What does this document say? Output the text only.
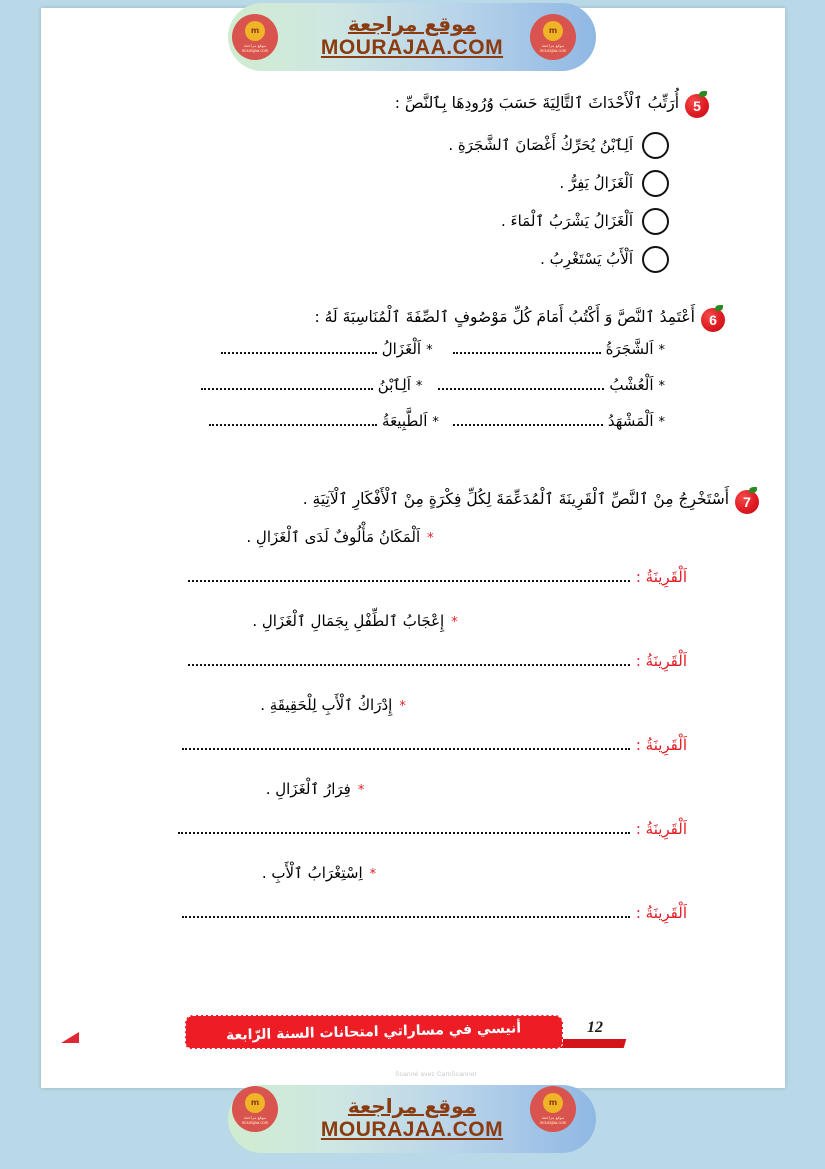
5
أُرَتِّبُ ٱلْأَحْدَاثَ ٱلتَّالِيَةَ حَسَبَ وُرُودِهَا بِٱلنَّصِّ :
اَلِٱبْنُ يُحَرِّكُ أَغْصَانَ ٱلشَّجَرَةِ .
اَلْغَزَالُ يَفِرُّ .
اَلْغَزَالُ يَشْرَبُ ٱلْمَاءَ .
اَلْأَبُ يَسْتَغْرِبُ .
6
أَعْتَمِدُ ٱلنَّصَّ وَ أَكْتُبُ أَمَامَ كُلِّ مَوْصُوفٍ ٱلصِّفَةَ ٱلْمُنَاسِبَةَ لَهُ :
*
اَلشَّجَرَةُ
*
اَلْغَزَالُ
*
اَلْعُشْبُ
*
اَلِٱبْنُ
*
اَلْمَشْهَدُ
*
اَلطَّبِيعَةُ
7
أَسْتَخْرِجُ مِنْ ٱلنَّصِّ ٱلْقَرِينَةَ ٱلْمُدَعِّمَةَ لِكُلِّ فِكْرَةٍ مِنْ ٱلْأَفْكَارِ ٱلْآتِيَةِ .
*
اَلْمَكَانُ مَأْلُوفٌ لَدَى ٱلْغَزَالِ .
اَلْقَرِينَةُ :
*
إِعْجَابُ ٱلطِّفْلِ بِجَمَالِ ٱلْغَزَالِ .
اَلْقَرِينَةُ :
*
إِدْرَاكُ ٱلْأَبِ لِلْحَقِيقَةِ .
اَلْقَرِينَةُ :
*
فِرَارُ ٱلْغَزَالِ .
اَلْقَرِينَةُ :
*
اِسْتِغْرَابُ ٱلْأَبِ .
اَلْقَرِينَةُ :
أنيسي في مساراتي امتحانات السنة الرّابعة	12
Scanné avec CamScanner
موقع مراجعة
MOURAJAA.COM
m
موقع مراجعة mourajaa.com
m
موقع مراجعة mourajaa.com
موقع مراجعة
MOURAJAA.COM
m
موقع مراجعة mourajaa.com
m
موقع مراجعة mourajaa.com
